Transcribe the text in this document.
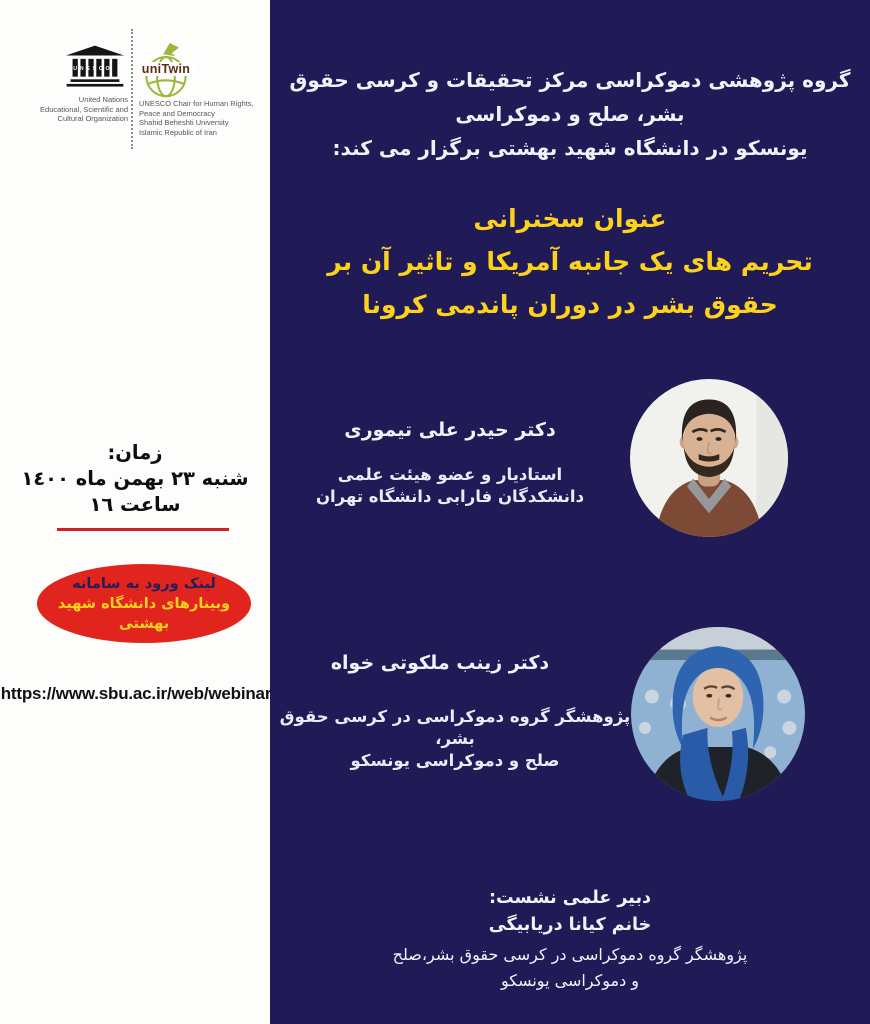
گروه پژوهشی دموکراسی مرکز تحقیقات و کرسی حقوق بشر، صلح و دموکراسی
یونسکو در دانشگاه شهید بهشتی برگزار می کند:
عنوان سخنرانی
تحریم های یک جانبه آمریکا و تاثیر آن بر
حقوق بشر در دوران پاندمی کرونا
دکتر حیدر علی تیموری
استادیار و عضو هیئت علمی
دانشکدگان فارابی دانشگاه تهران
دکتر زینب ملکوتی خواه
پژوهشگر گروه دموکراسی در کرسی حقوق بشر،
صلح و دموکراسی یونسکو
دبیر علمی نشست:
خانم کیانا دریابیگی
پژوهشگر گروه دموکراسی در کرسی حقوق بشر،صلح
و دموکراسی یونسکو
UNESCO	uniTwin
United Nations
Educational, Scientific and
Cultural Organization
UNESCO Chair for Human Rights,
Peace and Democracy
Shahid Beheshti University
Islamic Republic of Iran
زمان:
شنبه ۲۳ بهمن ماه ١٤٠٠
ساعت ١٦
لینک ورود به سامانه
وبینارهای دانشگاه شهید بهشتی
https://www.sbu.ac.ir/web/webinar
